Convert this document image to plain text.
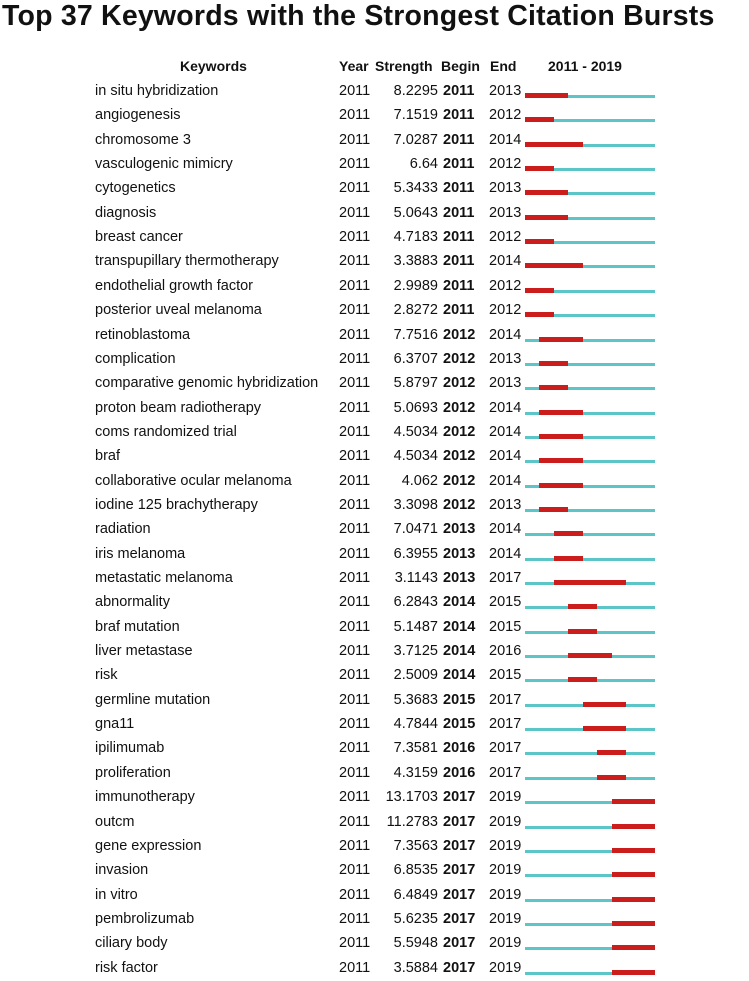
Top 37 Keywords with the Strongest Citation Bursts
Keywords	Year Strength Begin End 2011 - 2019
in situ hybridization	2011	8.2295 2011 2013
angiogenesis	2011	7.1519 2011 2012
chromosome 3	2011	7.0287 2011 2014
vasculogenic mimicry	2011	6.64 2011 2012
cytogenetics	2011	5.3433 2011 2013
diagnosis	2011	5.0643 2011 2013
breast cancer	2011	4.7183 2011 2012
transpupillary thermotherapy	2011	3.3883 2011 2014
endothelial growth factor	2011	2.9989 2011 2012
posterior uveal melanoma	2011	2.8272 2011 2012
retinoblastoma	2011	7.7516 2012 2014
complication	2011	6.3707 2012 2013
comparative genomic hybridization 2011	5.8797 2012 2013
proton beam radiotherapy	2011	5.0693 2012 2014
coms randomized trial	2011	4.5034 2012 2014
braf	2011	4.5034 2012 2014
collaborative ocular melanoma	2011	4.062 2012 2014
iodine 125 brachytherapy	2011	3.3098 2012 2013
radiation	2011	7.0471 2013 2014
iris melanoma	2011	6.3955 2013 2014
metastatic melanoma	2011	3.1143 2013 2017
abnormality	2011	6.2843 2014 2015
braf mutation	2011	5.1487 2014 2015
liver metastase	2011	3.7125 2014 2016
risk	2011	2.5009 2014 2015
germline mutation	2011	5.3683 2015 2017
gna11	2011	4.7844 2015 2017
ipilimumab	2011	7.3581 2016 2017
proliferation	2011	4.3159 2016 2017
immunotherapy	2011	13.1703 2017 2019
outcm	2011	11.2783 2017 2019
gene expression	2011	7.3563 2017 2019
invasion	2011	6.8535 2017 2019
in vitro	2011	6.4849 2017 2019
pembrolizumab	2011	5.6235 2017 2019
ciliary body	2011	5.5948 2017 2019
risk factor	2011	3.5884 2017 2019
